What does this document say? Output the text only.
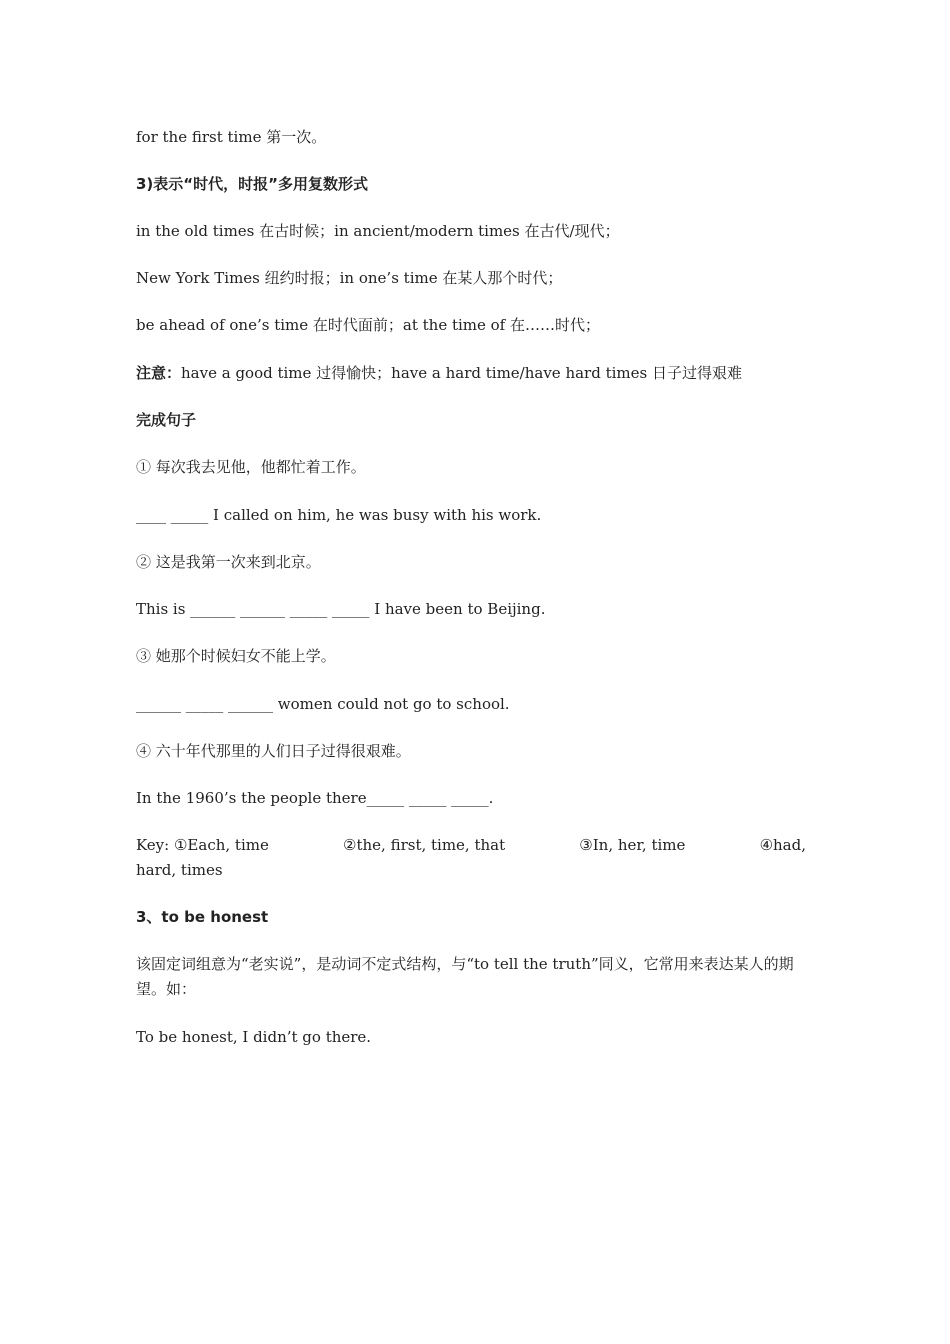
for the first time 第一次。
3)表示“时代，时报”多用复数形式
in the old times 在古时候；in ancient/modern times 在古代/现代；
New York Times 纽约时报；in one’s time 在某人那个时代；
be ahead of one’s time 在时代面前；at the time of 在……时代；
注意：have a good time 过得愉快；have a hard time/have hard times 日子过得艰难
完成句子
① 每次我去见他，他都忙着工作。
____ _____ I called on him, he was busy with his work.
② 这是我第一次来到北京。
This is ______ ______ _____ _____ I have been to Beijing.
③ 她那个时候妇女不能上学。
______ _____ ______ women could not go to school.
④ 六十年代那里的人们日子过得很艰难。
In the 1960’s the people there_____ _____ _____.
Key: ①Each, time	②the, first, time, that	③In, her, time	④had,
hard, times
3、to be honest
该固定词组意为“老实说”，是动词不定式结构，与“to tell the truth”同义，它常用来表达某人的期望。如：
To be honest, I didn’t go there.
